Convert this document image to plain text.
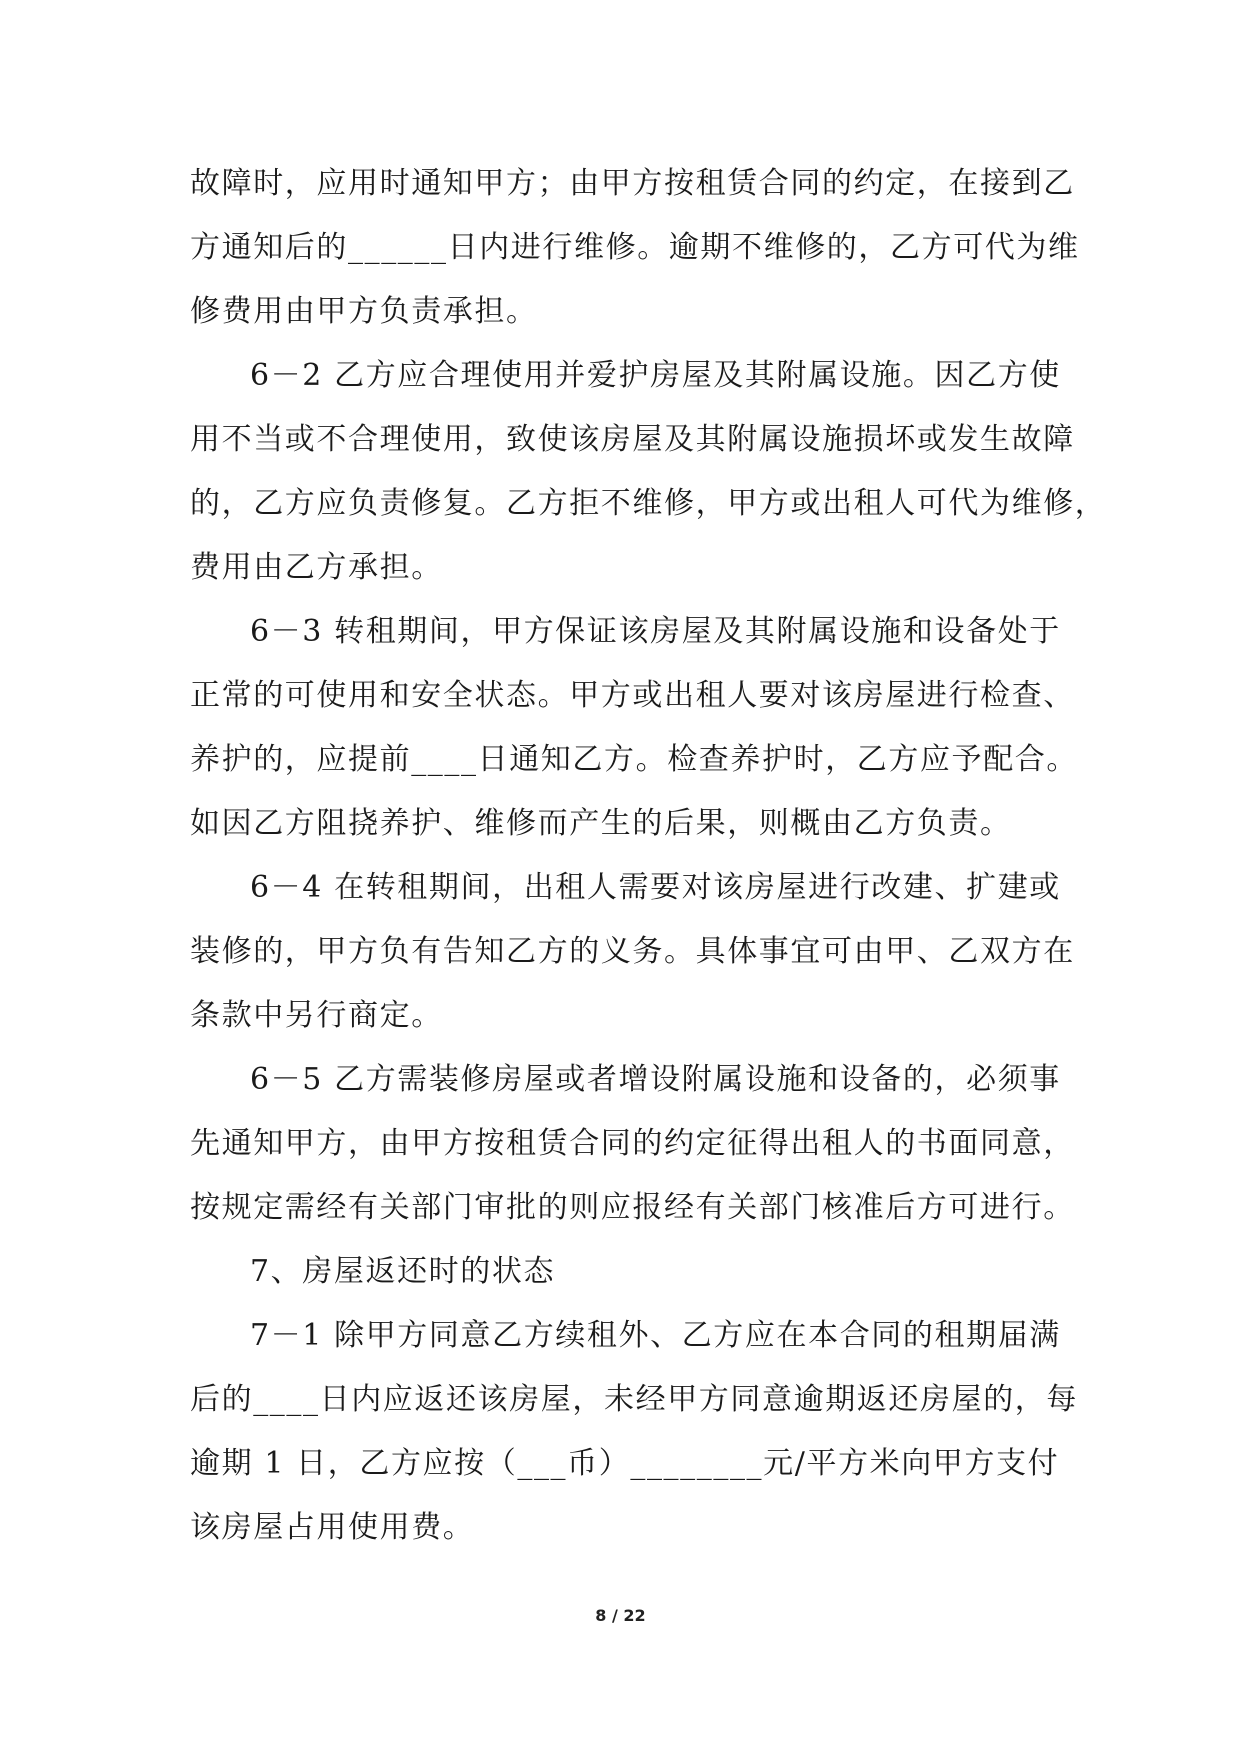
故障时，应用时通知甲方；由甲方按租赁合同的约定，在接到乙
方通知后的______日内进行维修。逾期不维修的，乙方可代为维
修费用由甲方负责承担。
6－2 乙方应合理使用并爱护房屋及其附属设施。因乙方使
用不当或不合理使用，致使该房屋及其附属设施损坏或发生故障
的，乙方应负责修复。乙方拒不维修，甲方或出租人可代为维修，
费用由乙方承担。
6－3 转租期间，甲方保证该房屋及其附属设施和设备处于
正常的可使用和安全状态。甲方或出租人要对该房屋进行检查、
养护的，应提前____日通知乙方。检查养护时，乙方应予配合。
如因乙方阻挠养护、维修而产生的后果，则概由乙方负责。
6－4 在转租期间，出租人需要对该房屋进行改建、扩建或
装修的，甲方负有告知乙方的义务。具体事宜可由甲、乙双方在
条款中另行商定。
6－5 乙方需装修房屋或者增设附属设施和设备的，必须事
先通知甲方，由甲方按租赁合同的约定征得出租人的书面同意，
按规定需经有关部门审批的则应报经有关部门核准后方可进行。
7、房屋返还时的状态
7－1 除甲方同意乙方续租外、乙方应在本合同的租期届满
后的____日内应返还该房屋，未经甲方同意逾期返还房屋的，每
逾期 1 日，乙方应按（___币）________元/平方米向甲方支付
该房屋占用使用费。
8 / 22
